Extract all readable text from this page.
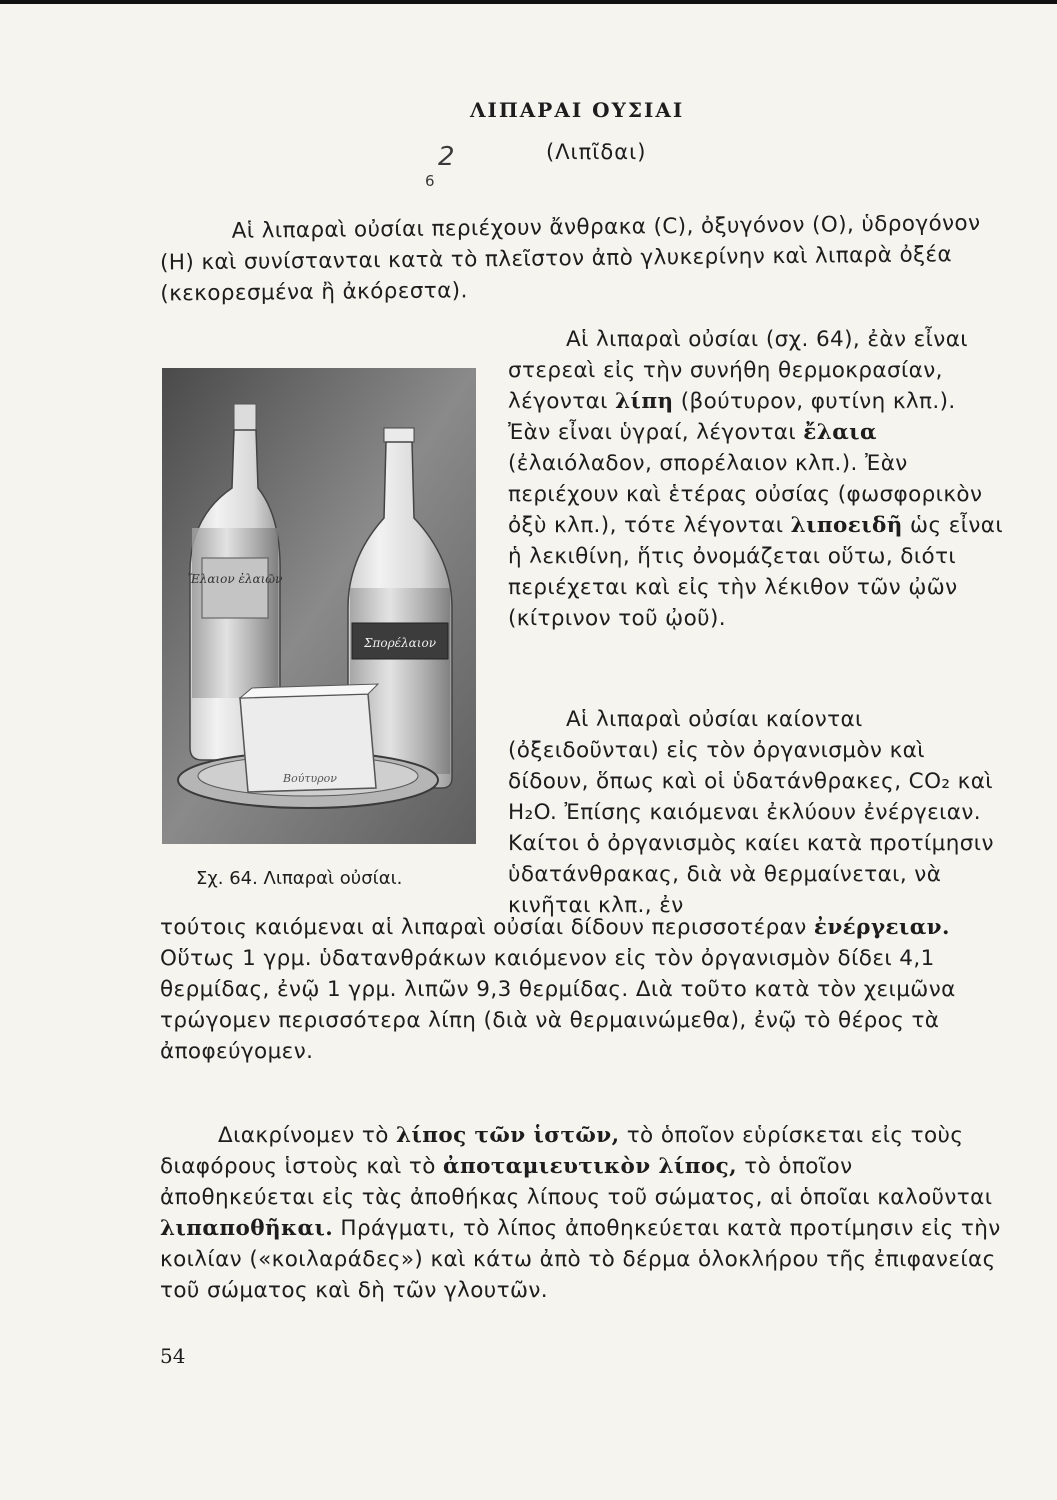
ΛΙΠΑΡΑΙ ΟΥΣΙΑΙ
2
6
(Λιπῖδαι)

Αἱ λιπαραὶ οὐσίαι περιέχουν ἄνθρακα (C), ὀξυγόνον (O), ὑδρογόνον (H) καὶ συνίστανται κατὰ τὸ πλεῖστον ἀπὸ γλυκερίνην καὶ λιπαρὰ ὀξέα (κεκορεσμένα ἢ ἀκόρεστα).

Ἔλαιον ἐλαιῶν
Σπορέλαιον
Βούτυρον

Αἱ λιπαραὶ οὐσίαι (σχ. 64), ἐὰν εἶναι στερεαὶ εἰς τὴν συνήθη θερμοκρασίαν, λέγονται λίπη (βούτυρον, φυτίνη κλπ.). Ἐὰν εἶναι ὑγραί, λέγονται ἔλαια (ἐλαιόλαδον, σπορέλαιον κλπ.). Ἐὰν περιέχουν καὶ ἑτέρας οὐσίας (φωσφορικὸν ὀξὺ κλπ.), τότε λέγονται λιποειδῆ ὡς εἶναι ἡ λεκιθίνη, ἥτις ὀνομάζεται οὕτω, διότι περιέχεται καὶ εἰς τὴν λέκιθον τῶν ᾠῶν (κίτρινον τοῦ ᾠοῦ).

Αἱ λιπαραὶ οὐσίαι καίονται (ὀξειδοῦνται) εἰς τὸν ὀργανισμὸν καὶ δίδουν, ὅπως καὶ οἱ ὑδατάνθρακες, CO₂ καὶ H₂O. Ἐπίσης καιόμεναι ἐκλύουν ἐνέργειαν. Καίτοι ὁ ὀργανισμὸς καίει κατὰ προτίμησιν ὑδατάνθρακας, διὰ νὰ θερμαίνεται, νὰ κινῆται κλπ., ἐν

Σχ. 64. Λιπαραὶ οὐσίαι.

τούτοις καιόμεναι αἱ λιπαραὶ οὐσίαι δίδουν περισσοτέραν ἐνέργειαν. Οὕτως 1 γρμ. ὑδατανθράκων καιόμενον εἰς τὸν ὀργανισμὸν δίδει 4,1 θερμίδας, ἐνῷ 1 γρμ. λιπῶν 9,3 θερμίδας. Διὰ τοῦτο κατὰ τὸν χειμῶνα τρώγομεν περισσότερα λίπη (διὰ νὰ θερμαινώμεθα), ἐνῷ τὸ θέρος τὰ ἀποφεύγομεν.

Διακρίνομεν τὸ λίπος τῶν ἱστῶν, τὸ ὁποῖον εὑρίσκεται εἰς τοὺς διαφόρους ἱστοὺς καὶ τὸ ἀποταμιευτικὸν λίπος, τὸ ὁποῖον ἀποθηκεύεται εἰς τὰς ἀποθήκας λίπους τοῦ σώματος, αἱ ὁποῖαι καλοῦνται λιπαποθῆκαι. Πράγματι, τὸ λίπος ἀποθηκεύεται κατὰ προτίμησιν εἰς τὴν κοιλίαν («κοιλαράδες») καὶ κάτω ἀπὸ τὸ δέρμα ὁλοκλήρου τῆς ἐπιφανείας τοῦ σώματος καὶ δὴ τῶν γλουτῶν.

54
